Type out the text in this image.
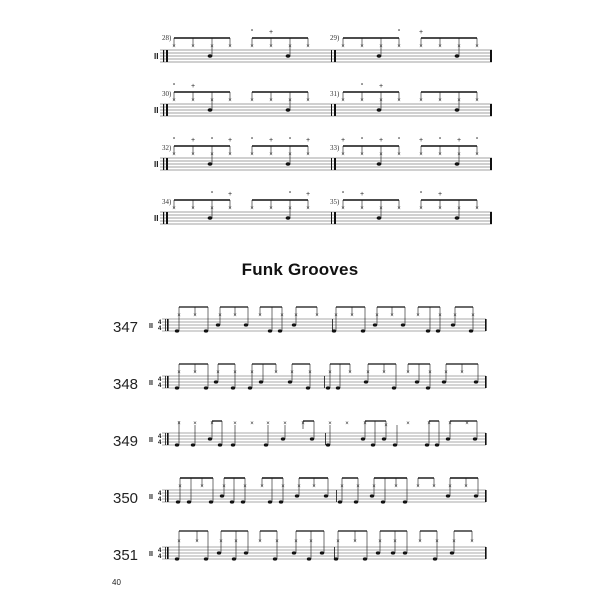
28)	29)
II
×	×	× ×	×	×	× ×	×	×	× ×	×	×	× ×
° +	°	+
30)	31)
II
×	×	× ×	×	×	× ×	×	×	× ×	×	×	× ×
° +	° +
32)	33)
II
×	×	× ×	×	×	× ×	×	×	× ×	×	×	× ×
° + ° +	° + ° +	+ ° + °	+ ° + °
34)	35)
II
×	×	× ×	×	×	× ×	×	×	× ×	×	×	× ×
° +	° +	° +	° +
Funk Grooves
347 II 4
4
× ×	× ×	×	× ×	×	× ×	× ×	×	× × ×
348 II 4
4
× ×	× × ×	× × ×	×	× × ×	×	× × ×
349 II 4
4
× × ×	× × × × ×	× × ×	×	×	×	× ×
350 II 4
4
×	×	×	× ×	× × ×	× × ×	×	× × × ×
351 II 4
4
× ×	× ×	× ×	× ×	× ×	× ×	× × × ×
40
